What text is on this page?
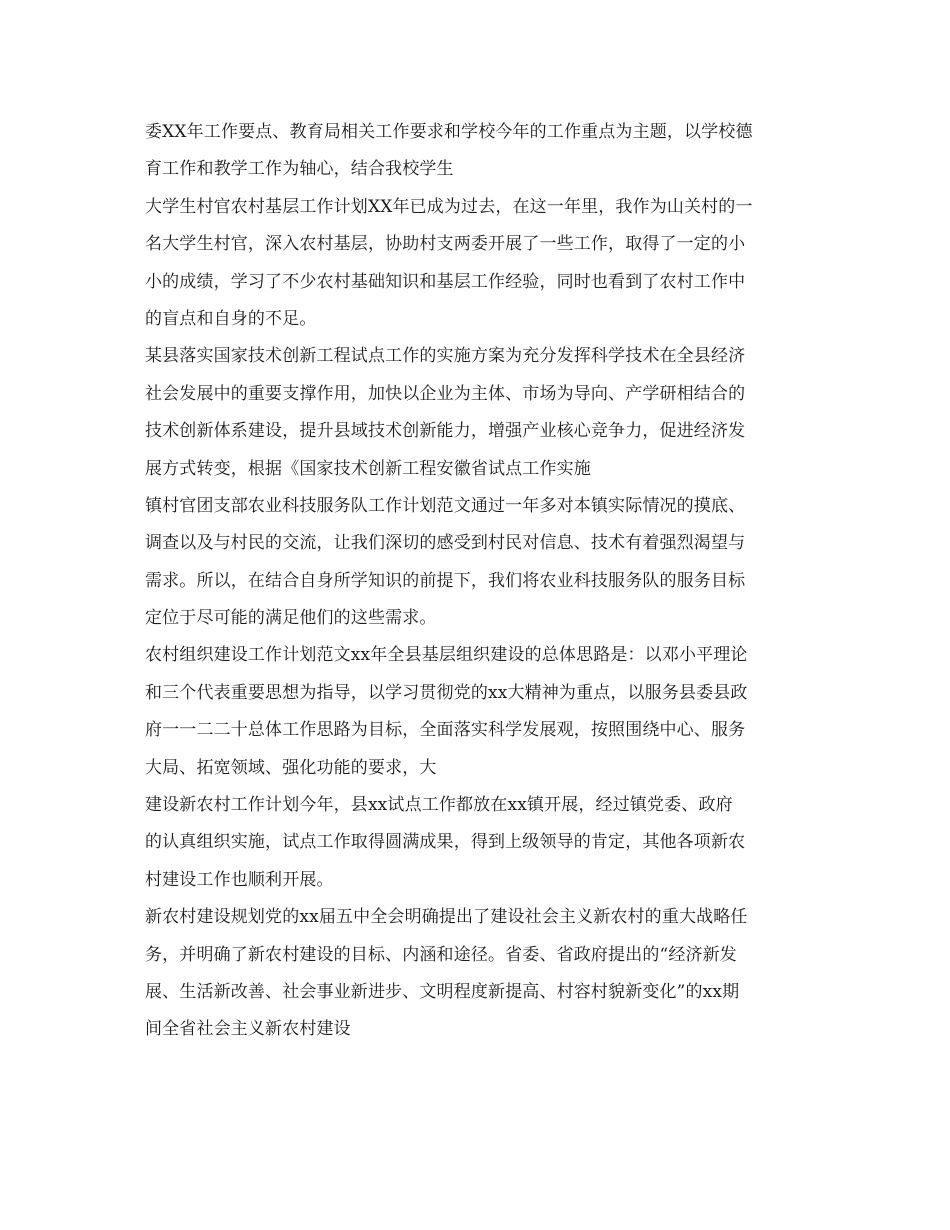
委XX年工作要点、教育局相关工作要求和学校今年的工作重点为主题，以学校德
育工作和教学工作为轴心，结合我校学生
大学生村官农村基层工作计划XX年已成为过去，在这一年里，我作为山关村的一
名大学生村官，深入农村基层，协助村支两委开展了一些工作，取得了一定的小
小的成绩，学习了不少农村基础知识和基层工作经验，同时也看到了农村工作中
的盲点和自身的不足。
某县落实国家技术创新工程试点工作的实施方案为充分发挥科学技术在全县经济
社会发展中的重要支撑作用，加快以企业为主体、市场为导向、产学研相结合的
技术创新体系建设，提升县域技术创新能力，增强产业核心竞争力，促进经济发
展方式转变，根据《国家技术创新工程安徽省试点工作实施
镇村官团支部农业科技服务队工作计划范文通过一年多对本镇实际情况的摸底、
调查以及与村民的交流，让我们深切的感受到村民对信息、技术有着强烈渴望与
需求。所以，在结合自身所学知识的前提下，我们将农业科技服务队的服务目标
定位于尽可能的满足他们的这些需求。
农村组织建设工作计划范文xx年全县基层组织建设的总体思路是：以邓小平理论
和三个代表重要思想为指导，以学习贯彻党的xx大精神为重点，以服务县委县政
府一一二二十总体工作思路为目标，全面落实科学发展观，按照围绕中心、服务
大局、拓宽领域、强化功能的要求，大
建设新农村工作计划今年，县xx试点工作都放在xx镇开展，经过镇党委、政府
的认真组织实施，试点工作取得圆满成果，得到上级领导的肯定，其他各项新农
村建设工作也顺利开展。
新农村建设规划党的xx届五中全会明确提出了建设社会主义新农村的重大战略任
务，并明确了新农村建设的目标、内涵和途径。省委、省政府提出的“经济新发
展、生活新改善、社会事业新进步、文明程度新提高、村容村貌新变化”的xx期
间全省社会主义新农村建设
